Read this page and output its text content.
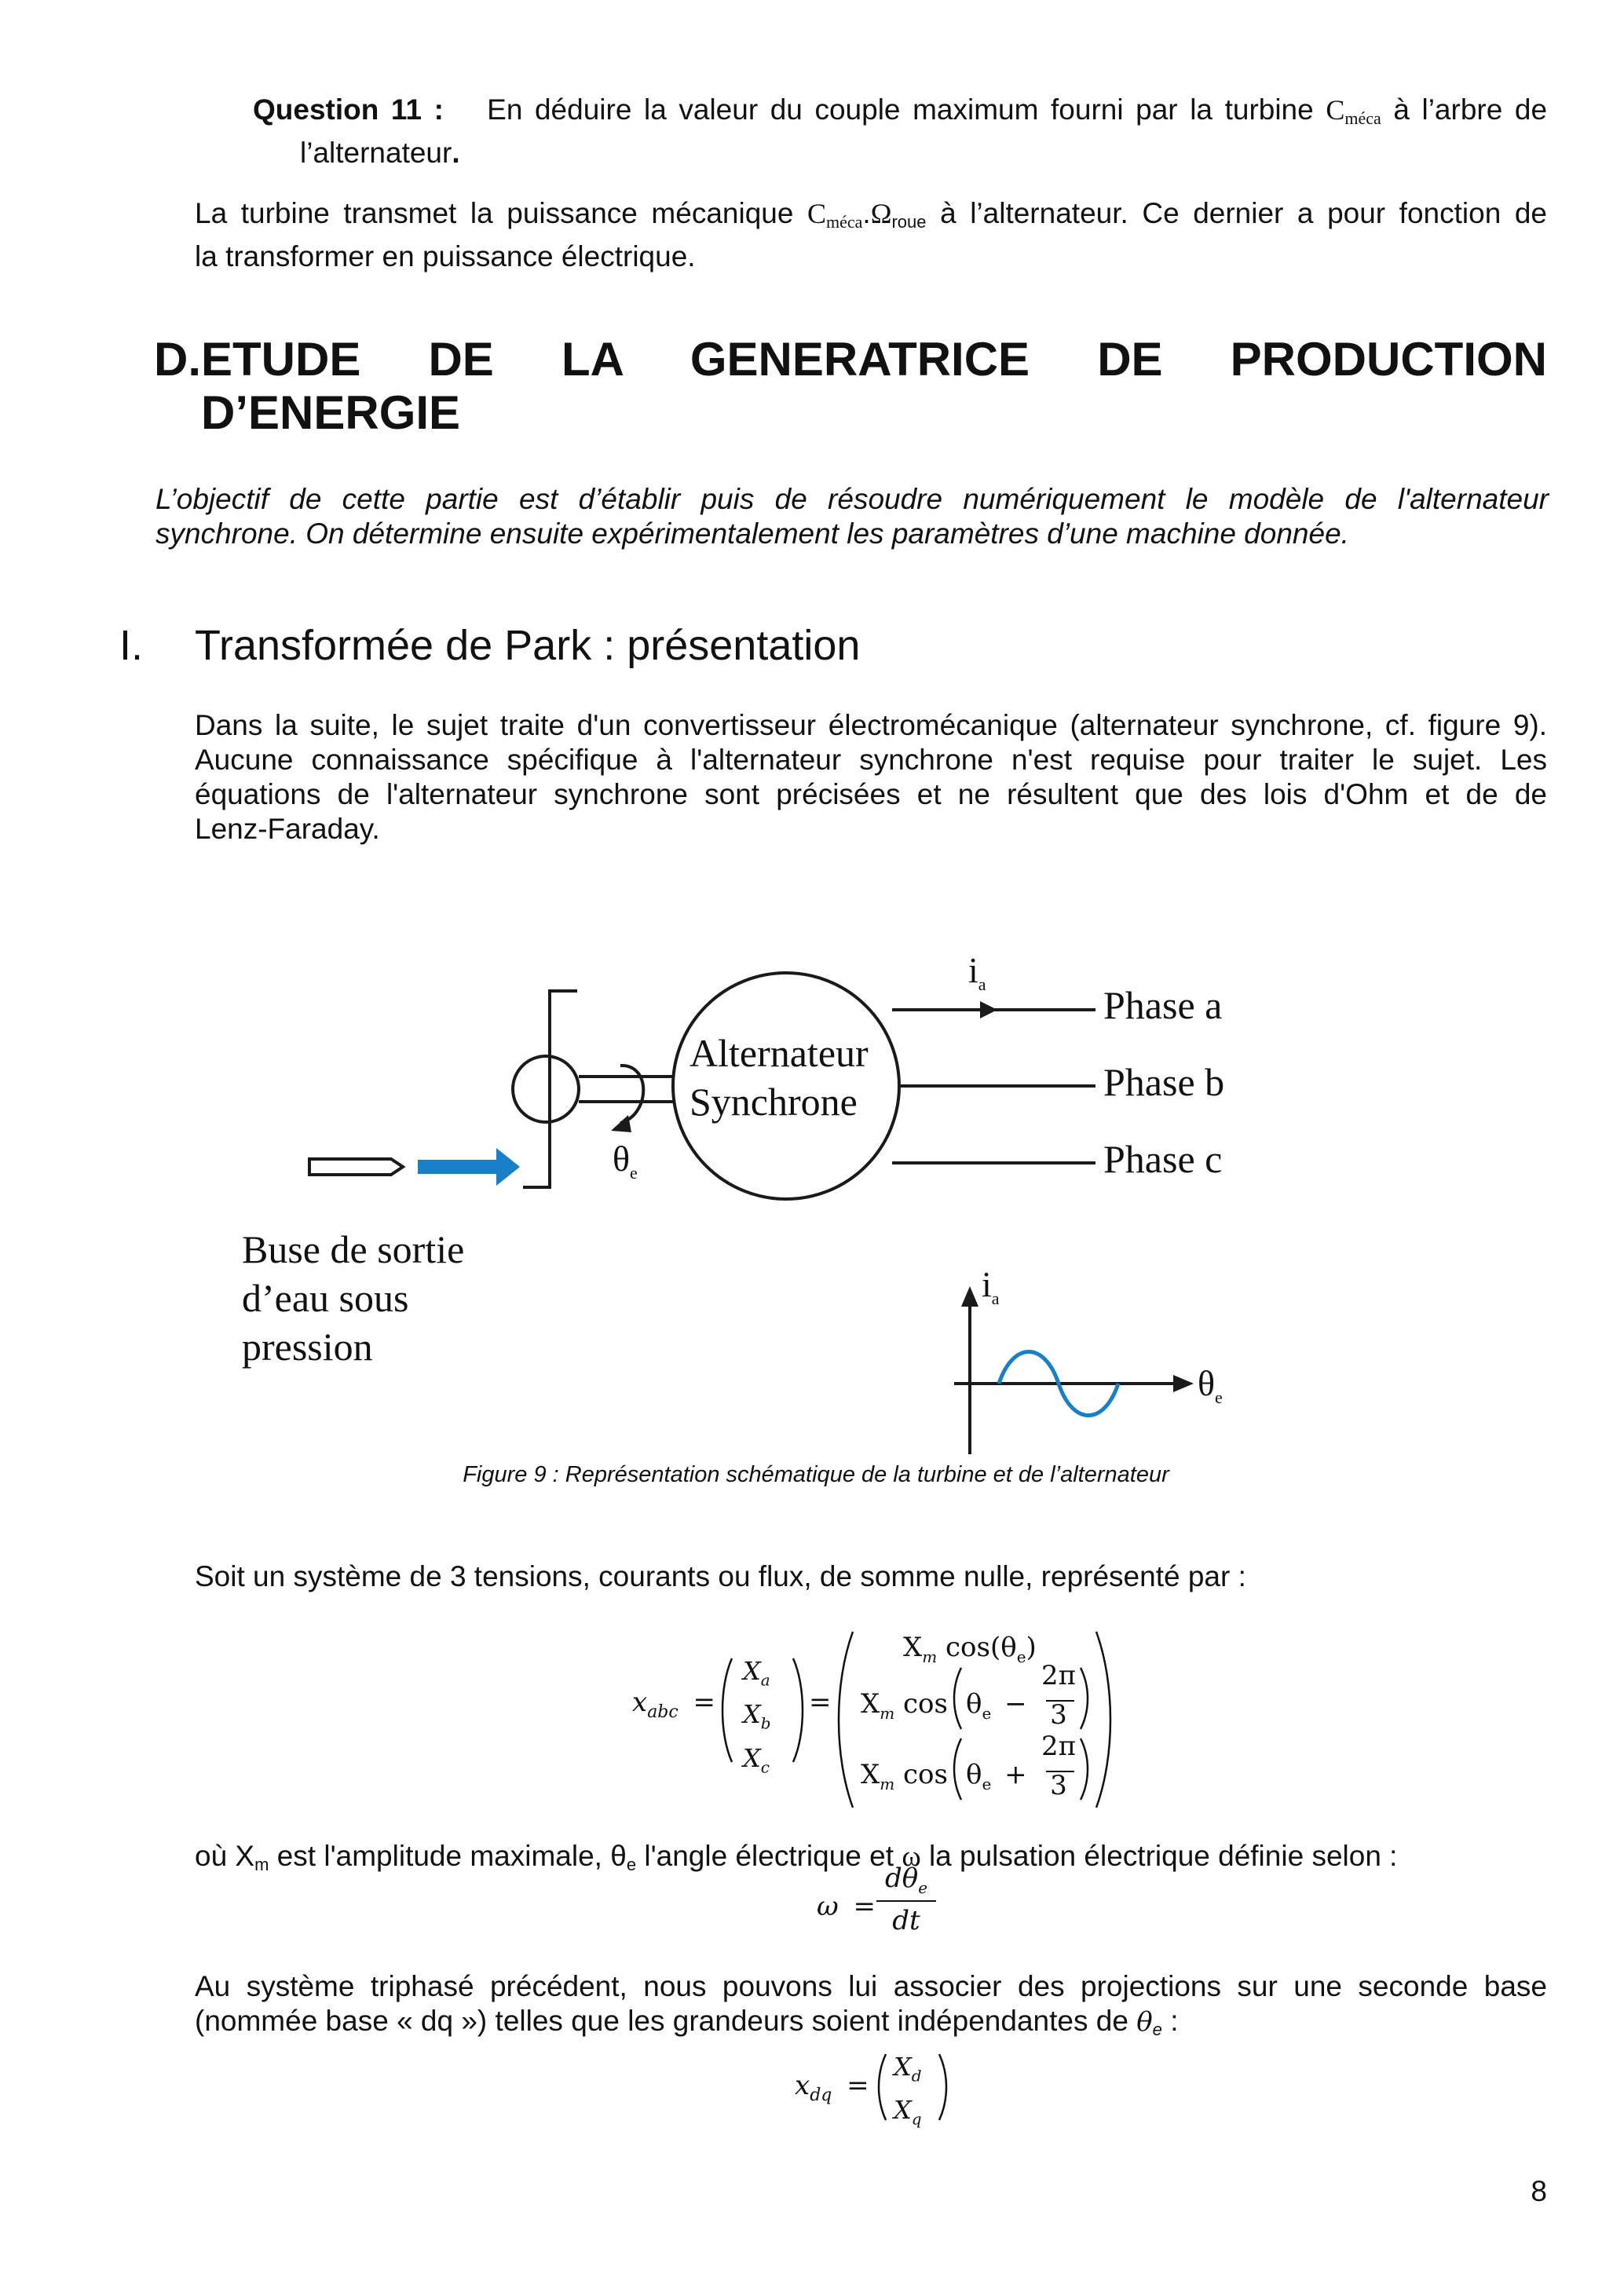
Question 11 : En déduire la valeur du couple maximum fourni par la turbine $C_{méca}$ à l’arbre de
l’alternateur.
La turbine transmet la puissance mécanique $C_{méca}.\Omega_{roue}$ à l’alternateur. Ce dernier a pour fonction de
la transformer en puissance électrique.
D.ETUDE DE LA GENERATRICE DE PRODUCTION
D’ENERGIE
L’objectif de cette partie est d’établir puis de résoudre numériquement le modèle de l'alternateur
synchrone. On détermine ensuite expérimentalement les paramètres d’une machine donnée.
I. Transformée de Park : présentation
Dans la suite, le sujet traite d'un convertisseur électromécanique (alternateur synchrone, cf. figure 9).
Aucune connaissance spécifique à l'alternateur synchrone n'est requise pour traiter le sujet. Les
équations de l'alternateur synchrone sont précisées et ne résultent que des lois d'Ohm et de de
Lenz-Faraday.
Alternateur
Synchrone
Phase a
Phase b
Phase c
$i_a$
$\theta_e$
$i_a$
$\theta_e$
Buse de sortie
d’eau sous
pression
Figure 9 : Représentation schématique de la turbine et de l’alternateur
Soit un système de 3 tensions, courants ou flux, de somme nulle, représenté par :
$x_{abc}$ =
$X_a$
$X_b$
$X_c$
=
$X_m$ $\cos(\theta_e)$
$X_m$ $\cos \theta_e$ −
2π
3
$X_m$ $\cos \theta_e$ +
2π
3
où $X_m$ est l'amplitude maximale, $\theta_e$ l'angle électrique et ω la pulsation électrique définie selon :
ω =
$d\theta_e$
dt
Au système triphasé précédent, nous pouvons lui associer des projections sur une seconde base
(nommée base « dq ») telles que les grandeurs soient indépendantes de $\theta_e$ :
$x_{dq}$ =
$X_d$
$X_q$
8
